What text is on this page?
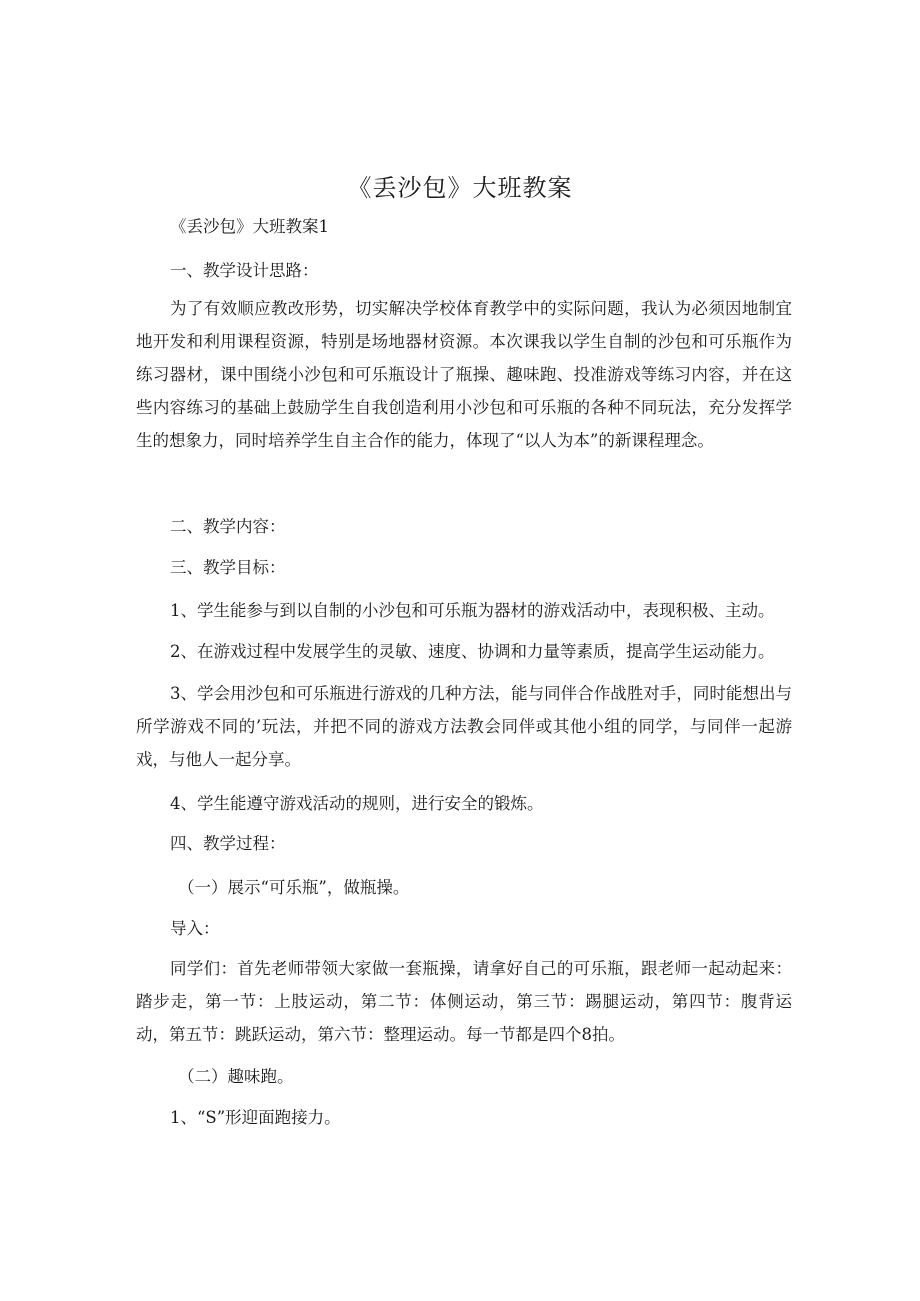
《丢沙包》大班教案
《丢沙包》大班教案1
一、教学设计思路：
为了有效顺应教改形势，切实解决学校体育教学中的实际问题，我认为必须因地制宜地开发和利用课程资源，特别是场地器材资源。本次课我以学生自制的沙包和可乐瓶作为练习器材，课中围绕小沙包和可乐瓶设计了瓶操、趣味跑、投准游戏等练习内容，并在这些内容练习的基础上鼓励学生自我创造利用小沙包和可乐瓶的各种不同玩法，充分发挥学生的想象力，同时培养学生自主合作的能力，体现了“以人为本”的新课程理念。
二、教学内容：
三、教学目标：
1、学生能参与到以自制的小沙包和可乐瓶为器材的游戏活动中，表现积极、主动。
2、在游戏过程中发展学生的灵敏、速度、协调和力量等素质，提高学生运动能力。
3、学会用沙包和可乐瓶进行游戏的几种方法，能与同伴合作战胜对手，同时能想出与所学游戏不同的’玩法，并把不同的游戏方法教会同伴或其他小组的同学，与同伴一起游戏，与他人一起分享。
4、学生能遵守游戏活动的规则，进行安全的锻炼。
四、教学过程：
（一）展示“可乐瓶”，做瓶操。
导入：
同学们：首先老师带领大家做一套瓶操，请拿好自己的可乐瓶，跟老师一起动起来：踏步走，第一节：上肢运动，第二节：体侧运动，第三节：踢腿运动，第四节：腹背运动，第五节：跳跃运动，第六节：整理运动。每一节都是四个8拍。
（二）趣味跑。
1、“S”形迎面跑接力。
